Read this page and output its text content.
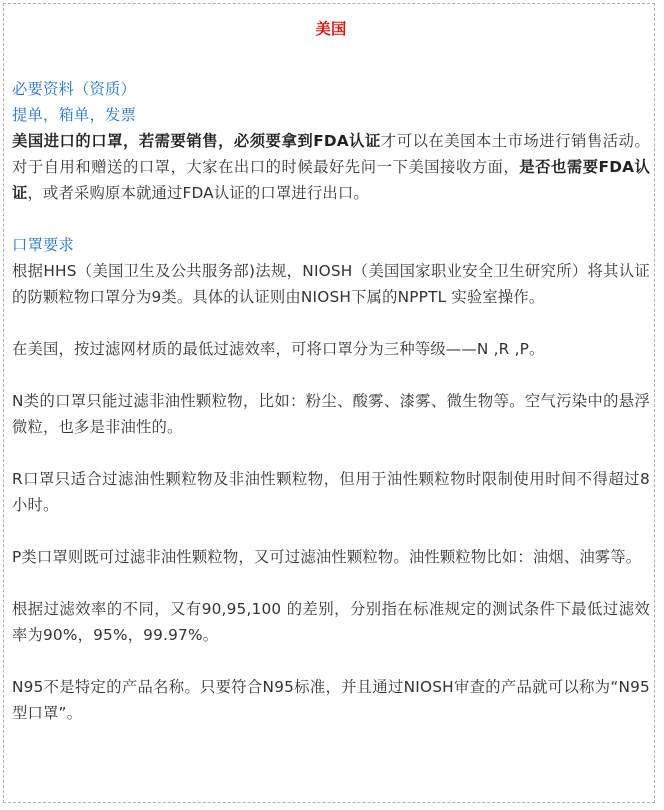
美国
必要资料（资质）
提单，箱单，发票

美国进口的口罩，若需要销售，必须要拿到FDA认证才可以在美国本土市场进行销售活动。对于自用和赠送的口罩，大家在出口的时候最好先问一下美国接收方面，是否也需要FDA认证，或者采购原本就通过FDA认证的口罩进行出口。

口罩要求

根据HHS（美国卫生及公共服务部)法规，NIOSH（美国国家职业安全卫生研究所）将其认证的防颗粒物口罩分为9类。具体的认证则由NIOSH下属的NPPTL 实验室操作。

在美国，按过滤网材质的最低过滤效率，可将口罩分为三种等级——N ,R ,P。

N类的口罩只能过滤非油性颗粒物，比如：粉尘、酸雾、漆雾、微生物等。空气污染中的悬浮微粒，也多是非油性的。

R口罩只适合过滤油性颗粒物及非油性颗粒物，但用于油性颗粒物时限制使用时间不得超过8小时。

P类口罩则既可过滤非油性颗粒物，又可过滤油性颗粒物。油性颗粒物比如：油烟、油雾等。

根据过滤效率的不同，又有90,95,100 的差别，分别指在标准规定的测试条件下最低过滤效率为90%，95%，99.97%。

N95不是特定的产品名称。只要符合N95标准，并且通过NIOSH审查的产品就可以称为“N95型口罩”。
